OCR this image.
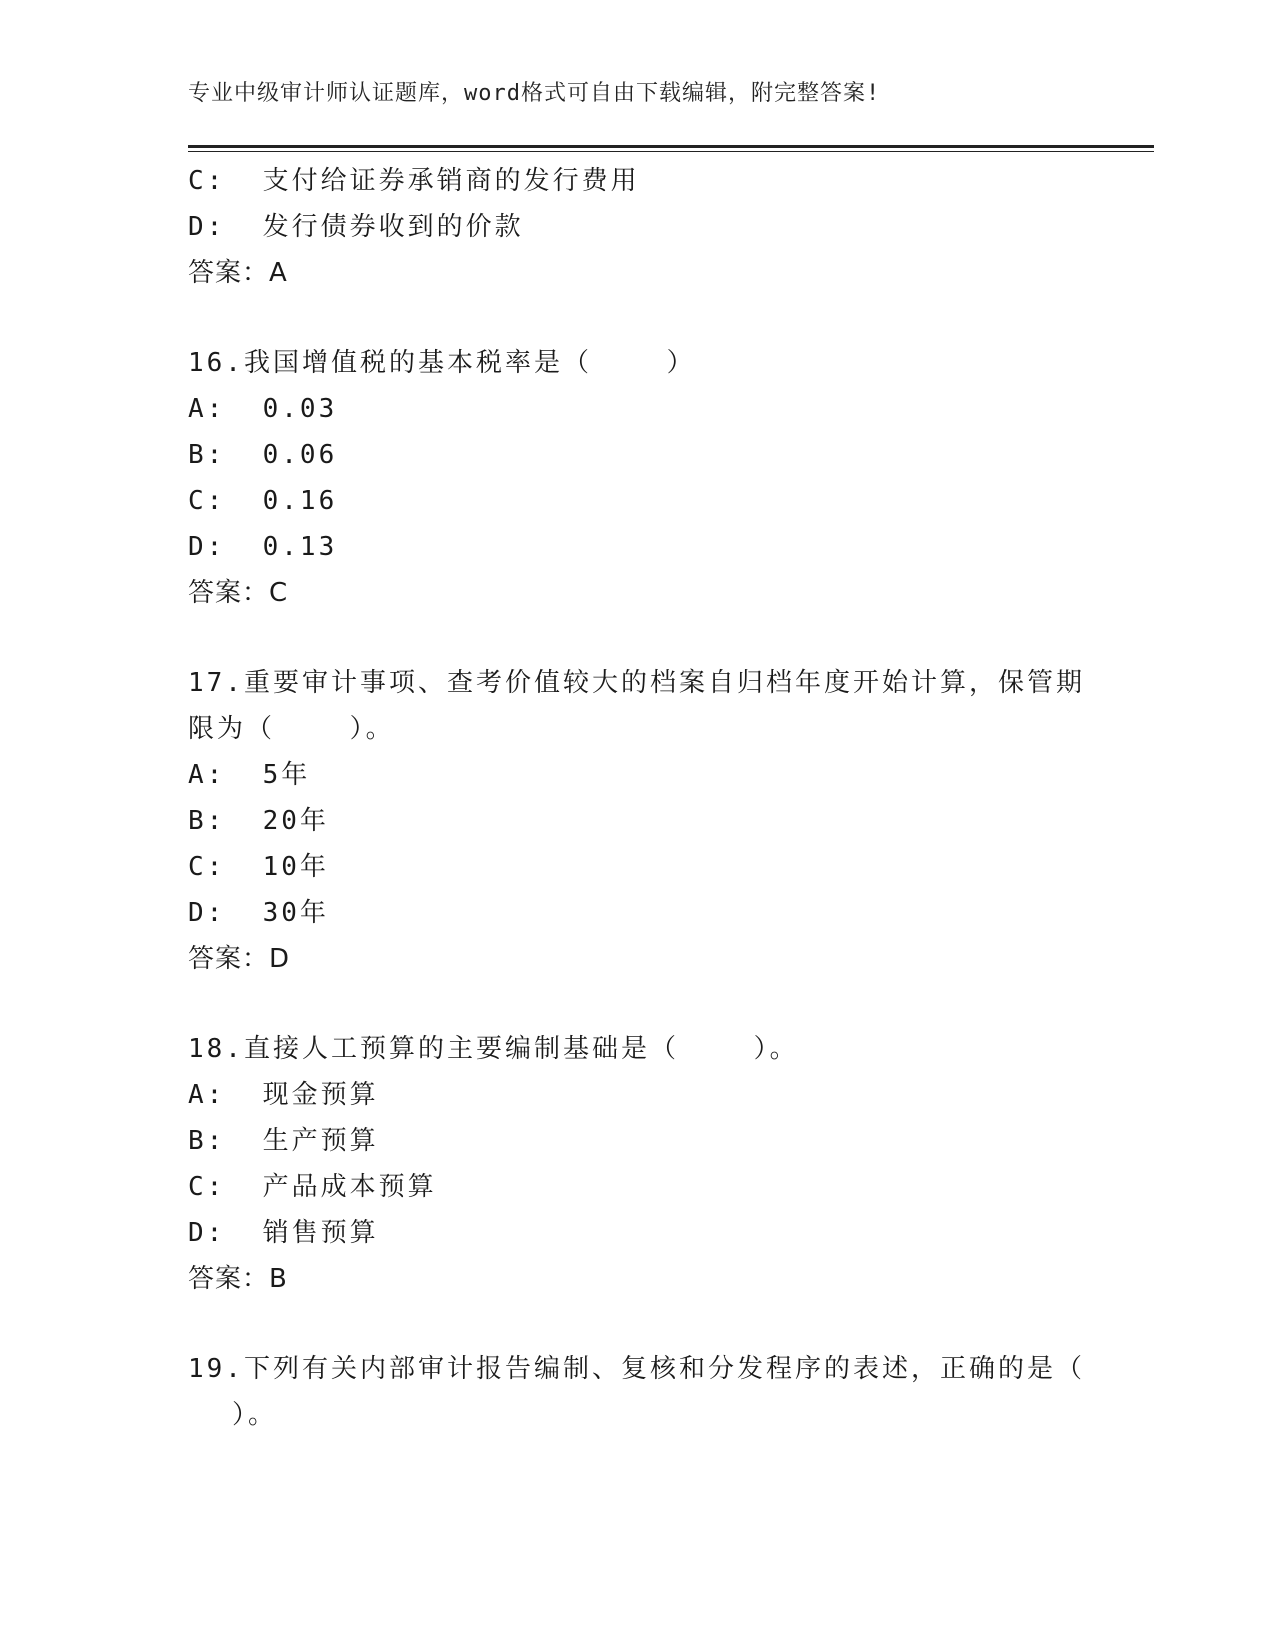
专业中级审计师认证题库，word格式可自由下载编辑，附完整答案!
C:  支付给证券承销商的发行费用
D:  发行债券收到的价款
答案：A
16.我国增值税的基本税率是（    ）
A:  0.03
B:  0.06
C:  0.16
D:  0.13
答案：C
17.重要审计事项、查考价值较大的档案自归档年度开始计算，保管期
限为（    ）。
A:  5年
B:  20年
C:  10年
D:  30年
答案：D
18.直接人工预算的主要编制基础是（    ）。
A:  现金预算
B:  生产预算
C:  产品成本预算
D:  销售预算
答案：B
19.下列有关内部审计报告编制、复核和分发程序的表述，正确的是（
）。
